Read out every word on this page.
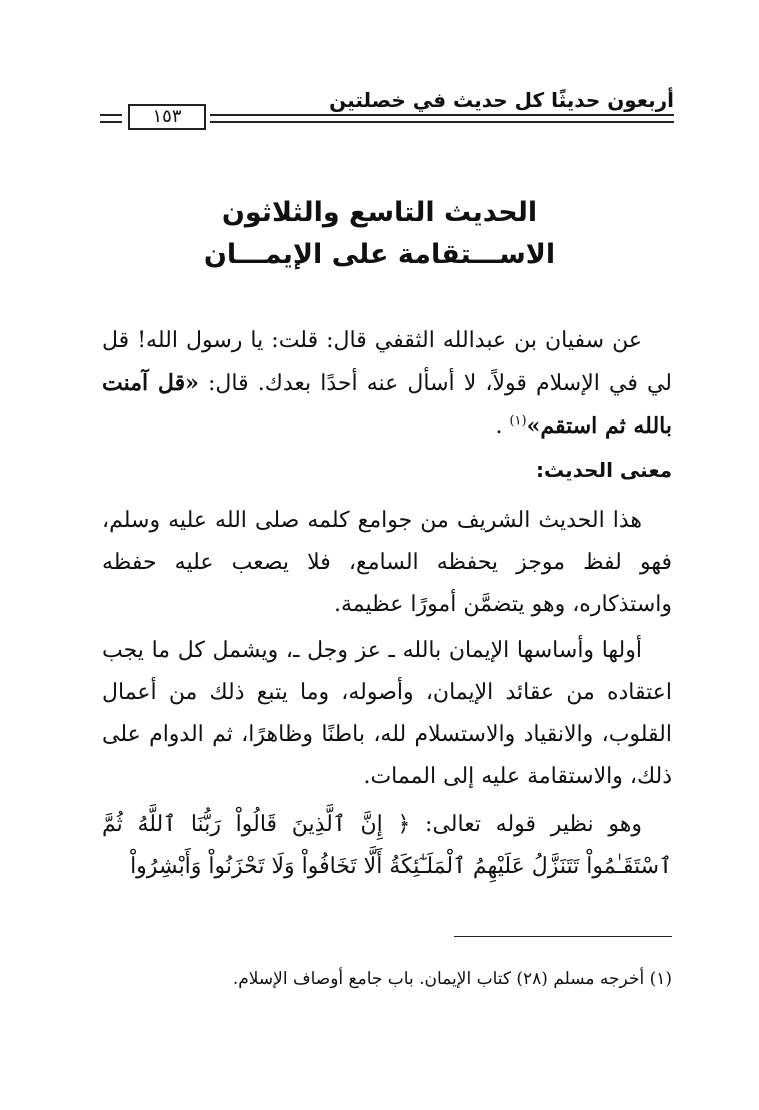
أربعون حديثًا كل حديث في خصلتين
١٥٣
الحديث التاسع والثلاثون
الاســـتقامة على الإيمـــان
عن سفيان بن عبدالله الثقفي قال: قلت: يا رسول الله! قل لي في الإسلام قولاً، لا أسأل عنه أحدًا بعدك. قال: «قل آمنت بالله ثم استقم»$^{(١)}$ .
معنى الحديث:
هذا الحديث الشريف من جوامع كلمه صلى الله عليه وسلم، فهو لفظ موجز يحفظه السامع، فلا يصعب عليه حفظه واستذكاره، وهو يتضمَّن أمورًا عظيمة.
أولها وأساسها الإيمان بالله ـ عز وجل ـ، ويشمل كل ما يجب اعتقاده من عقائد الإيمان، وأصوله، وما يتبع ذلك من أعمال القلوب، والانقياد والاستسلام لله، باطنًا وظاهرًا، ثم الدوام على ذلك، والاستقامة عليه إلى الممات.
وهو نظير قوله تعالى: ﴿ إِنَّ ٱلَّذِينَ قَالُواْ رَبُّنَا ٱللَّهُ ثُمَّ ٱسْتَقَـٰمُواْ تَتَنَزَّلُ عَلَيْهِمُ ٱلْمَلَـٰٓئِكَةُ أَلَّا تَخَافُواْ وَلَا تَحْزَنُواْ وَأَبْشِرُواْ
(١) أخرجه مسلم (٢٨) كتاب الإيمان. باب جامع أوصاف الإسلام.
